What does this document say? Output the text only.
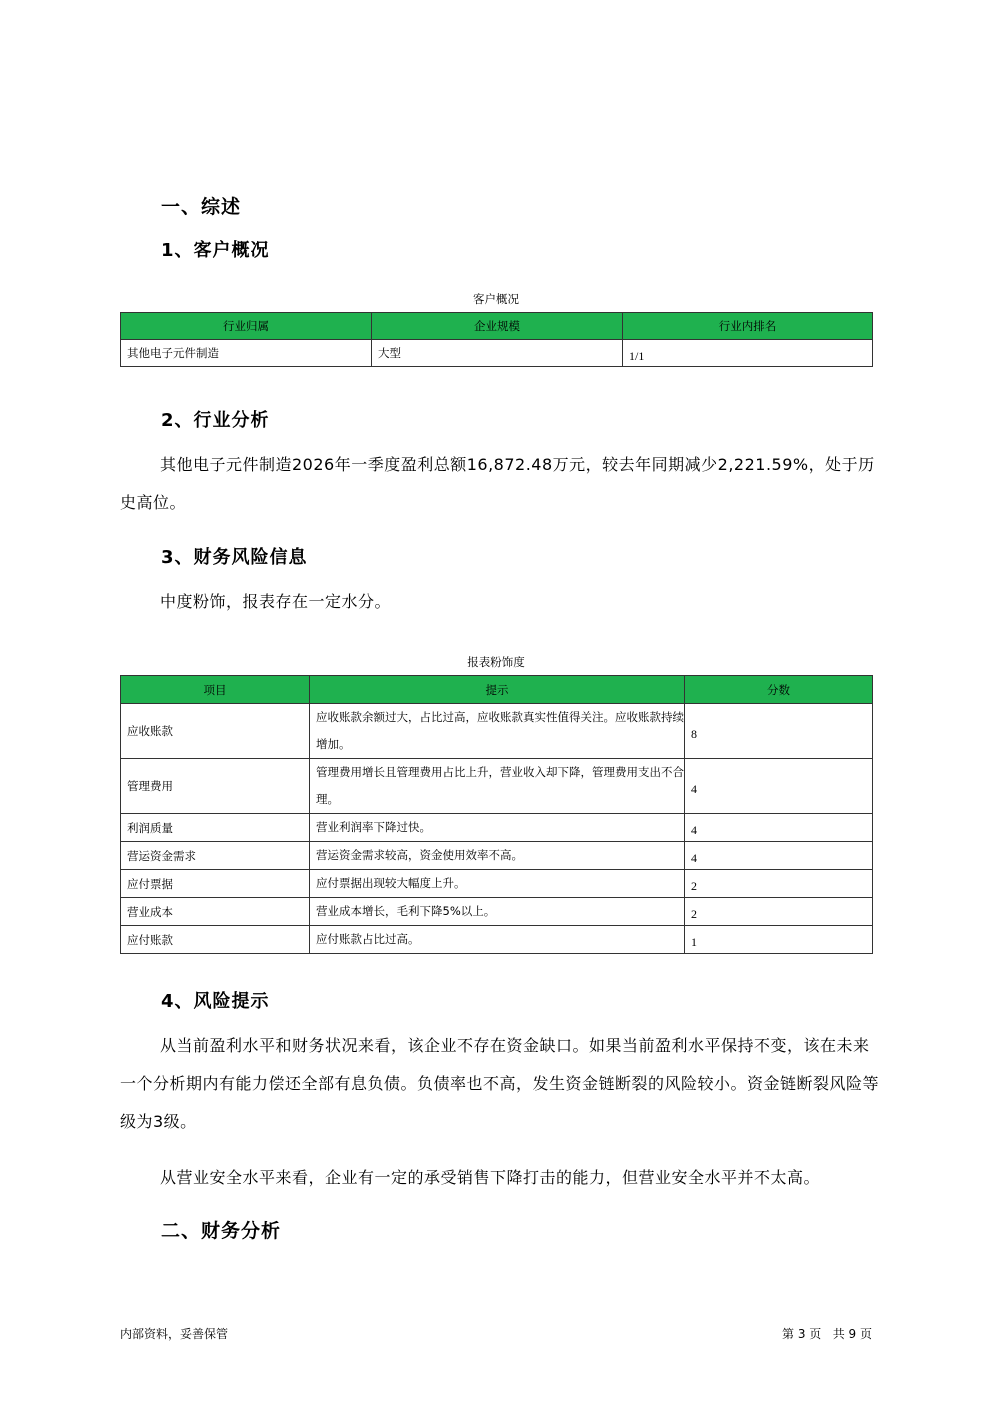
一、综述
1、客户概况
客户概况
行业归属	企业规模	行业内排名
其他电子元件制造	大型	1/1
2、行业分析
其他电子元件制造2026年一季度盈利总额16,872.48万元，较去年同期减少2,221.59%，处于历史高位。
3、财务风险信息
中度粉饰，报表存在一定水分。
报表粉饰度
项目	提示	分数
应收账款	应收账款余额过大，占比过高，应收账款真实性值得关注。应收账款持续增加。	8
管理费用	管理费用增长且管理费用占比上升，营业收入却下降，管理费用支出不合理。	4
利润质量	营业利润率下降过快。	4
营运资金需求	营运资金需求较高，资金使用效率不高。	4
应付票据	应付票据出现较大幅度上升。	2
营业成本	营业成本增长，毛利下降5%以上。	2
应付账款	应付账款占比过高。	1
4、风险提示
从当前盈利水平和财务状况来看，该企业不存在资金缺口。如果当前盈利水平保持不变，该在未来一个分析期内有能力偿还全部有息负债。负债率也不高，发生资金链断裂的风险较小。资金链断裂风险等级为3级。
从营业安全水平来看，企业有一定的承受销售下降打击的能力，但营业安全水平并不太高。
二、财务分析
内部资料，妥善保管	第 3 页   共 9 页
